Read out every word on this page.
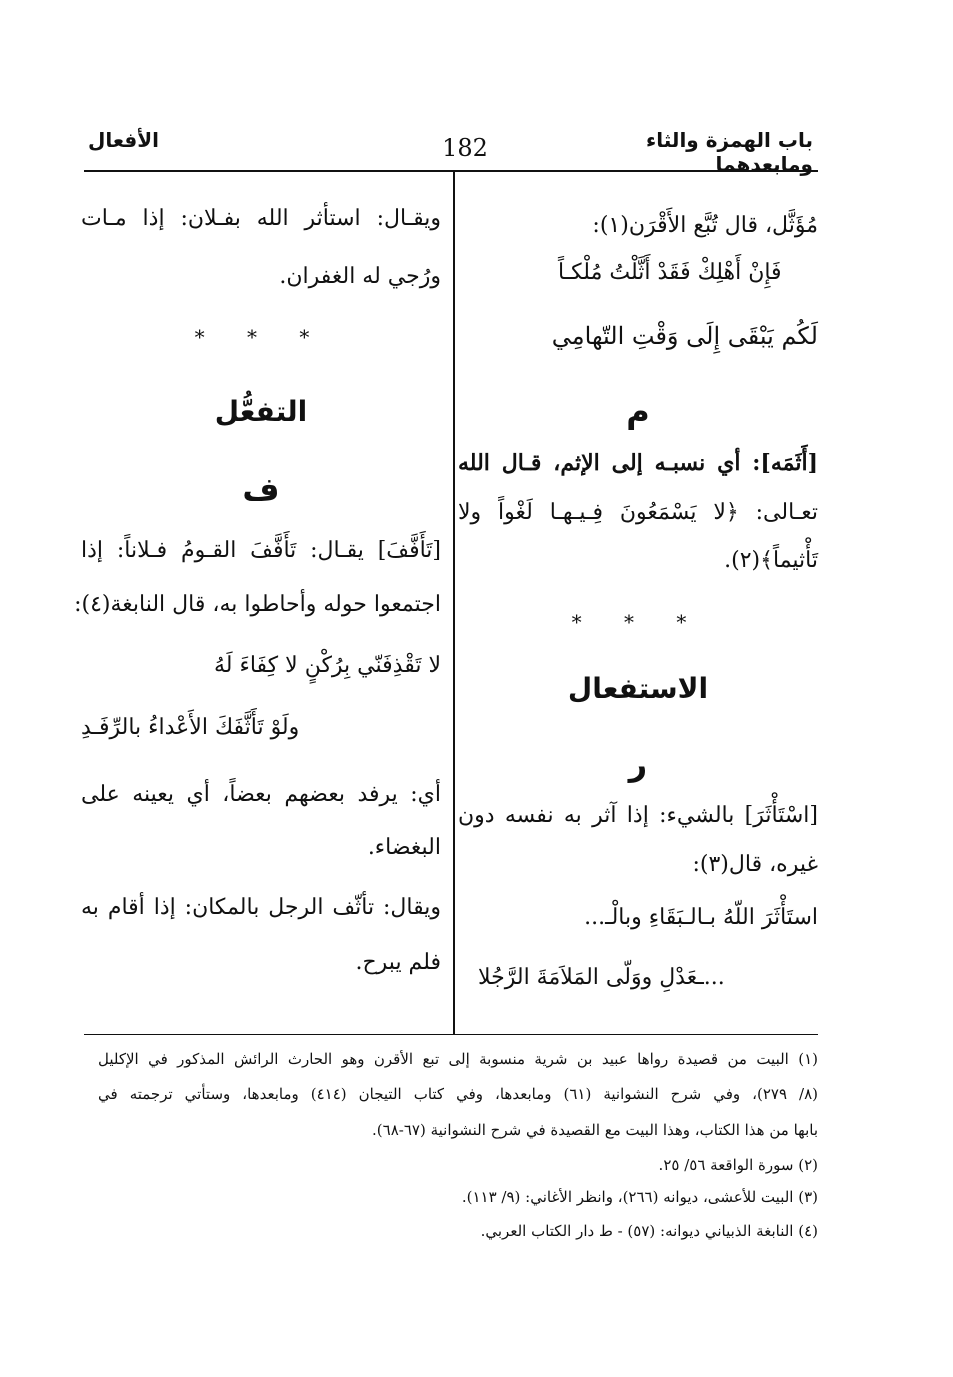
باب الهمزة والثاء ومابعدهما
182
الأفعال
مُؤَثَّل، قال تُبَّع الأَقْرَن(١):
فَإِنْ أَهْلِكْ فَقَدْ أَثَّلْتُ مُلْكـاً
لَكُم يَبْقَى إِلَى وَقْتِ التّهامِي
م
[أَثَمَه]: أي نسبـه إلى الإثم، قـال الله
تعـالى: ﴿لا يَسْمَعُونَ فِـيـهـا لَغْواً ولا
تَأْثيماً﴾(٢).
* * *
الاستفعال
ر
[اسْتَأْثَرَ] بالشيء: إذا آثر به نفسه دون
غيره، قال(٣):
استَأْثَرَ اللّهُ بـالـبَقَاءِ وبالْـ...
...ـعَدْلِ ووَلّى المَلاَمَةَ الرَّجُلا
ويقـال: استأثر الله بفـلان: إذا مـات
ورُجي له الغفران.
* * *
التفعُّل
ف
[تَأَفَّفَ] يقـال: تَأَفَّفَ القـومُ فـلاناً: إذا
اجتمعوا حوله وأحاطوا به، قال النابغة(٤):
لا تَقْذِفَنّي بِرُكْنٍ لا كِفَاءَ لَهُ
ولَوْ تَأَثَّفَكَ الأَعْداءُ بالرِّفَـدِ
أي: يرفد بعضهم بعضاً، أي يعينه على
البغضاء.
ويقال: تأثّف الرجل بالمكان: إذا أقام به
فلم يبرح.
(١) البيت من قصيدة رواها عبيد بن شرية منسوبة إلى تبع الأقرن وهو الحارث الرائش المذكور في الإكليل
(٨/ ٢٧٩)، وفي شرح النشوانية (٦١) ومابعدها، وفي كتاب التيجان (٤١٤) ومابعدها، وستأتي ترجمته في
بابها من هذا الكتاب، وهذا البيت مع القصيدة في شرح النشوانية (٦٧-٦٨).
(٢) سورة الواقعة ٥٦/ ٢٥.
(٣) البيت للأعشى، ديوانه (٢٦٦)، وانظر الأغاني: (٩/ ١١٣).
(٤) النابغة الذبياني ديوانه: (٥٧) - ط دار الكتاب العربي.
